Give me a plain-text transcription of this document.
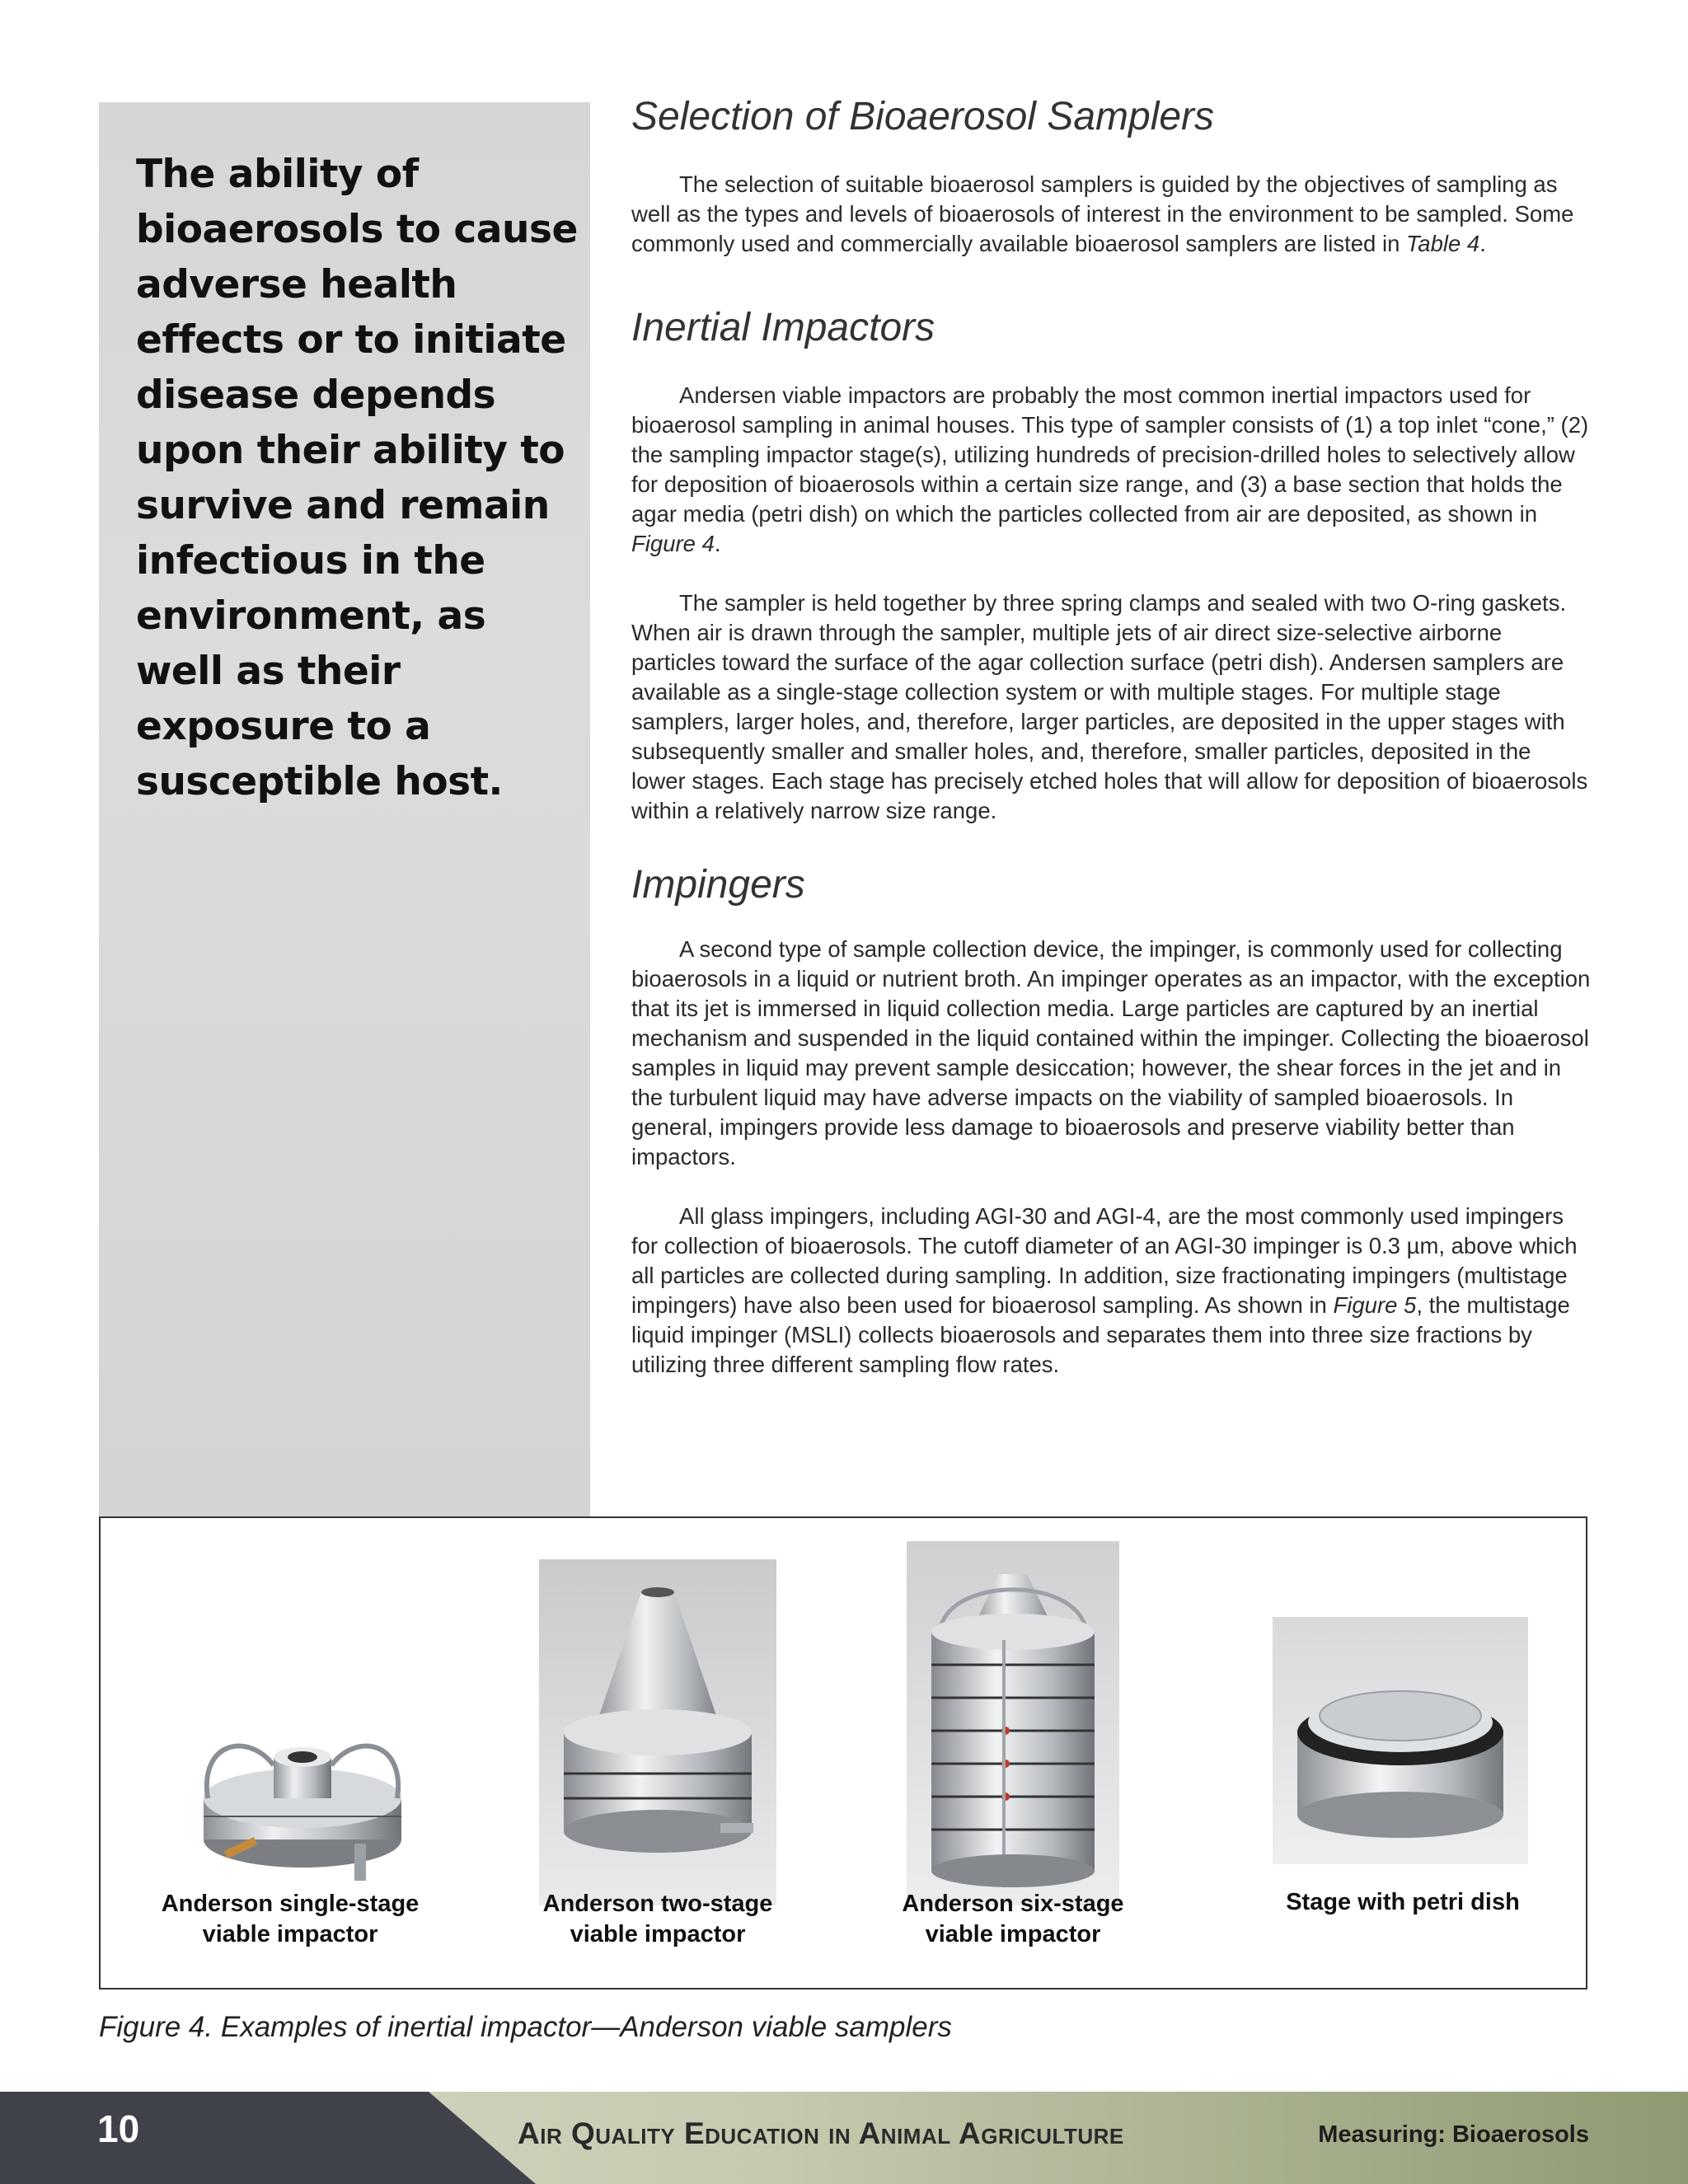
The ability of bioaerosols to cause adverse health effects or to initiate disease depends upon their ability to survive and remain infectious in the environment, as well as their exposure to a susceptible host.
Selection of Bioaerosol Samplers

The selection of suitable bioaerosol samplers is guided by the objectives of sampling as well as the types and levels of bioaerosols of interest in the environment to be sampled. Some commonly used and commercially available bioaerosol samplers are listed in Table 4.

Inertial Impactors

Andersen viable impactors are probably the most common inertial impactors used for bioaerosol sampling in animal houses. This type of sampler consists of (1) a top inlet “cone,” (2) the sampling impactor stage(s), utilizing hundreds of precision-drilled holes to selectively allow for deposition of bioaerosols within a certain size range, and (3) a base section that holds the agar media (petri dish) on which the particles collected from air are deposited, as shown in Figure 4.

The sampler is held together by three spring clamps and sealed with two O-ring gaskets. When air is drawn through the sampler, multiple jets of air direct size-selective airborne particles toward the surface of the agar collection surface (petri dish). Andersen samplers are available as a single-stage collection system or with multiple stages. For multiple stage samplers, larger holes, and, therefore, larger particles, are deposited in the upper stages with subsequently smaller and smaller holes, and, therefore, smaller particles, deposited in the lower stages. Each stage has precisely etched holes that will allow for deposition of bioaerosols within a relatively narrow size range.

Impingers

A second type of sample collection device, the impinger, is commonly used for collecting bioaerosols in a liquid or nutrient broth. An impinger operates as an impactor, with the exception that its jet is immersed in liquid collection media. Large particles are captured by an inertial mechanism and suspended in the liquid contained within the impinger. Collecting the bioaerosol samples in liquid may prevent sample desiccation; however, the shear forces in the jet and in the turbulent liquid may have adverse impacts on the viability of sampled bioaerosols. In general, impingers provide less damage to bioaerosols and preserve viability better than impactors.

All glass impingers, including AGI-30 and AGI-4, are the most commonly used impingers for collection of bioaerosols. The cutoff diameter of an AGI-30 impinger is 0.3 µm, above which all particles are collected during sampling. In addition, size fractionating impingers (multistage impingers) have also been used for bioaerosol sampling. As shown in Figure 5, the multistage liquid impinger (MSLI) collects bioaerosols and separates them into three size fractions by utilizing three different sampling flow rates.

Anderson single-stage
viable impactor
Anderson two-stage
viable impactor
Anderson six-stage
viable impactor
Stage with petri dish
Figure 4. Examples of inertial impactor—Anderson viable samplers
10	Air Quality Education in Animal Agriculture	Measuring: Bioaerosols
